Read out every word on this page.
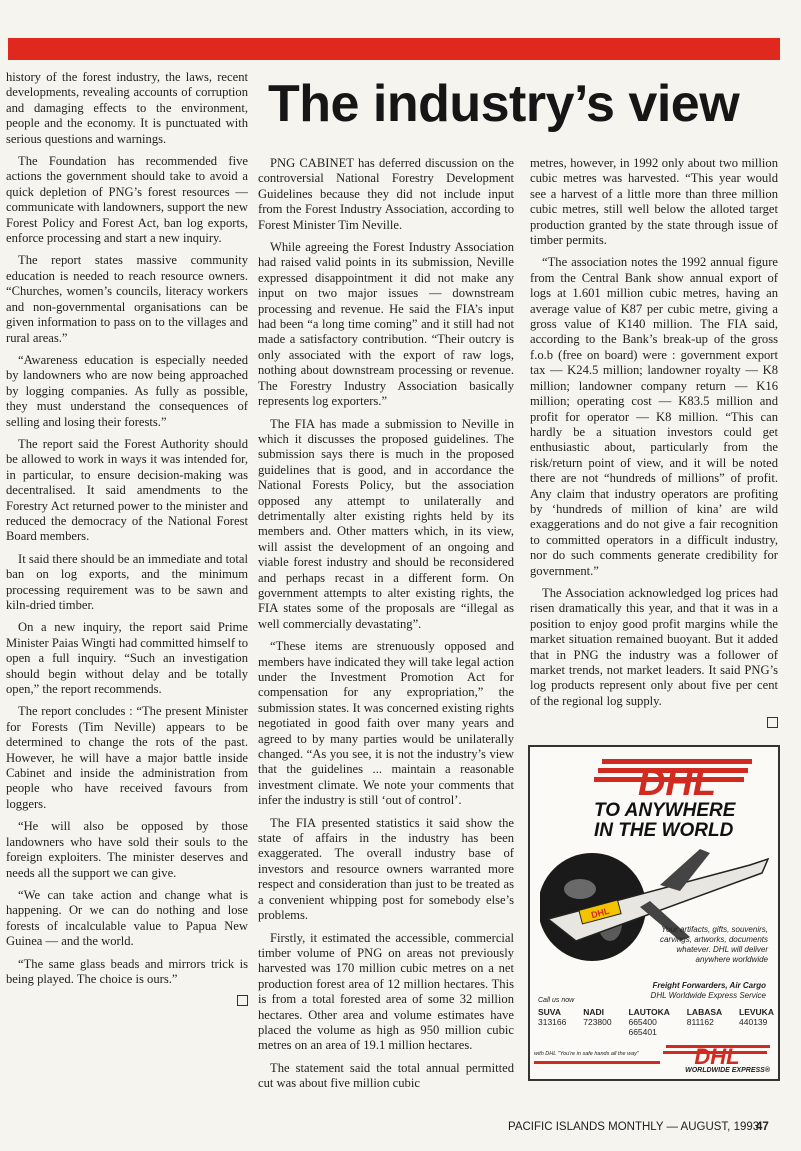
history of the forest industry, the laws, recent developments, revealing accounts of corruption and damaging effects to the environment, people and the economy. It is punctuated with serious questions and warnings.

The Foundation has recommended five actions the government should take to avoid a quick depletion of PNG’s forest resources — communicate with landowners, support the new Forest Policy and Forest Act, ban log exports, enforce processing and start a new inquiry.

The report states massive community education is needed to reach resource owners. “Churches, women’s councils, literacy workers and non-governmental organisations can be given information to pass on to the villages and rural areas.”

“Awareness education is especially needed by landowners who are now being approached by logging companies. As fully as possible, they must understand the consequences of selling and losing their forests.”

The report said the Forest Authority should be allowed to work in ways it was intended for, in particular, to ensure decision-making was decentralised. It said amendments to the Forestry Act returned power to the minister and reduced the democracy of the National Forest Board members.

It said there should be an immediate and total ban on log exports, and the minimum processing requirement was to be sawn and kiln-dried timber.

On a new inquiry, the report said Prime Minister Paias Wingti had committed himself to open a full inquiry. “Such an investigation should begin without delay and be totally open,” the report recommends.

The report concludes : “The present Minister for Forests (Tim Neville) appears to be determined to change the rots of the past. However, he will have a major battle inside Cabinet and inside the administration from people who have received favours from loggers.

“He will also be opposed by those landowners who have sold their souls to the foreign exploiters. The minister deserves and needs all the support we can give.

“We can take action and change what is happening. Or we can do nothing and lose forests of incalculable value to Papua New Guinea — and the world.

“The same glass beads and mirrors trick is being played. The choice is ours.”

The industry’s view

PNG CABINET has deferred discussion on the controversial National Forestry Development Guidelines because they did not include input from the Forest Industry Association, according to Forest Minister Tim Neville.

While agreeing the Forest Industry Association had raised valid points in its submission, Neville expressed disappointment it did not make any input on two major issues — downstream processing and revenue. He said the FIA’s input had been “a long time coming” and it still had not made a satisfactory contribution. “Their outcry is only associated with the export of raw logs, nothing about downstream processing or revenue. The Forestry Industry Association basically represents log exporters.”

The FIA has made a submission to Neville in which it discusses the proposed guidelines. The submission says there is much in the proposed guidelines that is good, and in accordance the National Forests Policy, but the association opposed any attempt to unilaterally and detrimentally alter existing rights held by its members and. Other matters which, in its view, will assist the development of an ongoing and viable forest industry and should be reconsidered and perhaps recast in a different form. On government attempts to alter existing rights, the FIA states some of the proposals are “illegal as well commercially devastating”.

“These items are strenuously opposed and members have indicated they will take legal action under the Investment Promotion Act for compensation for any expropriation,” the submission states. It was concerned existing rights negotiated in good faith over many years and agreed to by many parties would be unilaterally changed. “As you see, it is not the industry’s view that the guidelines ... maintain a reasonable investment climate. We note your comments that infer the industry is still ‘out of control’.

The FIA presented statistics it said show the state of affairs in the industry has been exaggerated. The overall industry base of investors and resource owners warranted more respect and consideration than just to be treated as a convenient whipping post for somebody else’s problems.

Firstly, it estimated the accessible, commercial timber volume of PNG on areas not previously harvested was 170 million cubic metres on a net production forest area of 12 million hectares. This is from a total forested area of some 32 million hectares. Other area and volume estimates have placed the volume as high as 950 million cubic metres on an area of 19.1 million hectares.

The statement said the total annual permitted cut was about five million cubic

metres, however, in 1992 only about two million cubic metres was harvested. “This year would see a harvest of a little more than three million cubic metres, still well below the alloted target production granted by the state through issue of timber permits.

“The association notes the 1992 annual figure from the Central Bank show annual export of logs at 1.601 million cubic metres, having an average value of K87 per cubic metre, giving a gross value of K140 million. The FIA said, according to the Bank’s break-up of the gross f.o.b (free on board) were : government export tax — K24.5 million; landowner royalty — K8 million; landowner company return — K16 million; operating cost — K83.5 million and profit for operator — K8 million. “This can hardly be a situation investors could get enthusiastic about, particularly from the risk/return point of view, and it will be noted there are not “hundreds of millions” of profit. Any claim that industry operators are profiting by ‘hundreds of million of kina’ are wild exaggerations and do not give a fair recognition to committed operators in a difficult industry, nor do such comments generate credibility for government.”

The Association acknowledged log prices had risen dramatically this year, and that it was in a position to enjoy good profit margins while the market situation remained buoyant. But it added that in PNG the industry was a follower of market trends, not market leaders. It said PNG’s log products represent only about five per cent of the regional log supply.

DHL
TO ANYWHERE
IN THE WORLD
DHL
Your artifacts, gifts, souvenirs, carvings, artworks, documents whatever. DHL will deliver anywhere worldwide
Freight Forwarders, Air Cargo
DHL Worldwide Express Service
Call us now
SUVA
313166
NADI
723800
LAUTOKA
665400
665401
LABASA
811162
LEVUKA
440139
with DHL "You're in safe hands all the way"	DHL
WORLDWIDE EXPRESS®
PACIFIC ISLANDS MONTHLY — AUGUST, 1993
47
